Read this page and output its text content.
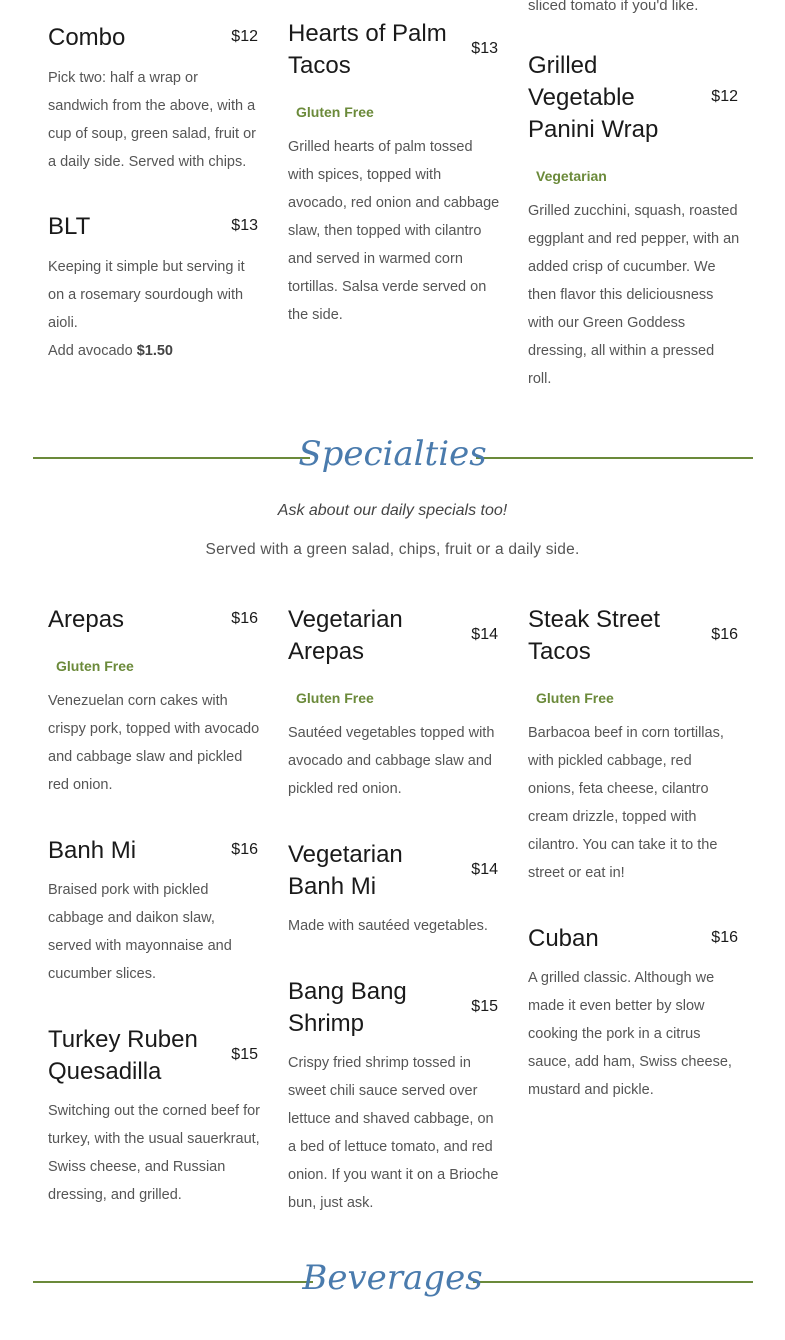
sliced tomato if you'd like.

Combo	$12

Pick two: half a wrap or sandwich from the above, with a cup of soup, green salad, fruit or a daily side. Served with chips.

BLT	$13

Keeping it simple but serving it on a rosemary sourdough with aioli.

Add avocado $1.50
Hearts of Palm Tacos
$13
Gluten Free

Grilled hearts of palm tossed with spices, topped with avocado, red onion and cabbage slaw, then topped with cilantro and served in warmed corn tortillas. Salsa verde served on the side.

Grilled Vegetable Panini Wrap
$12
Vegetarian

Grilled zucchini, squash, roasted eggplant and red pepper, with an added crisp of cucumber. We then flavor this deliciousness with our Green Goddess dressing, all within a pressed roll.

Specialties
Ask about our daily specials too!
Served with a green salad, chips, fruit or a daily side.
Arepas	$16
Gluten Free

Venezuelan corn cakes with crispy pork, topped with avocado and cabbage slaw and pickled red onion.

Banh Mi	$16

Braised pork with pickled cabbage and daikon slaw, served with mayonnaise and cucumber slices.

Turkey Ruben Quesadilla
$15

Switching out the corned beef for turkey, with the usual sauerkraut, Swiss cheese, and Russian dressing, and grilled.

Vegetarian Arepas
$14
Gluten Free

Sautéed vegetables topped with avocado and cabbage slaw and pickled red onion.

Vegetarian Banh Mi
$14

Made with sautéed vegetables.

Bang Bang Shrimp
$15

Crispy fried shrimp tossed in sweet chili sauce served over lettuce and shaved cabbage, on a bed of lettuce tomato, and red onion. If you want it on a Brioche bun, just ask.

Steak Street Tacos
$16
Gluten Free

Barbacoa beef in corn tortillas, with pickled cabbage, red onions, feta cheese, cilantro cream drizzle, topped with cilantro. You can take it to the street or eat in!

Cuban	$16

A grilled classic. Although we made it even better by slow cooking the pork in a citrus sauce, add ham, Swiss cheese, mustard and pickle.

Beverages
